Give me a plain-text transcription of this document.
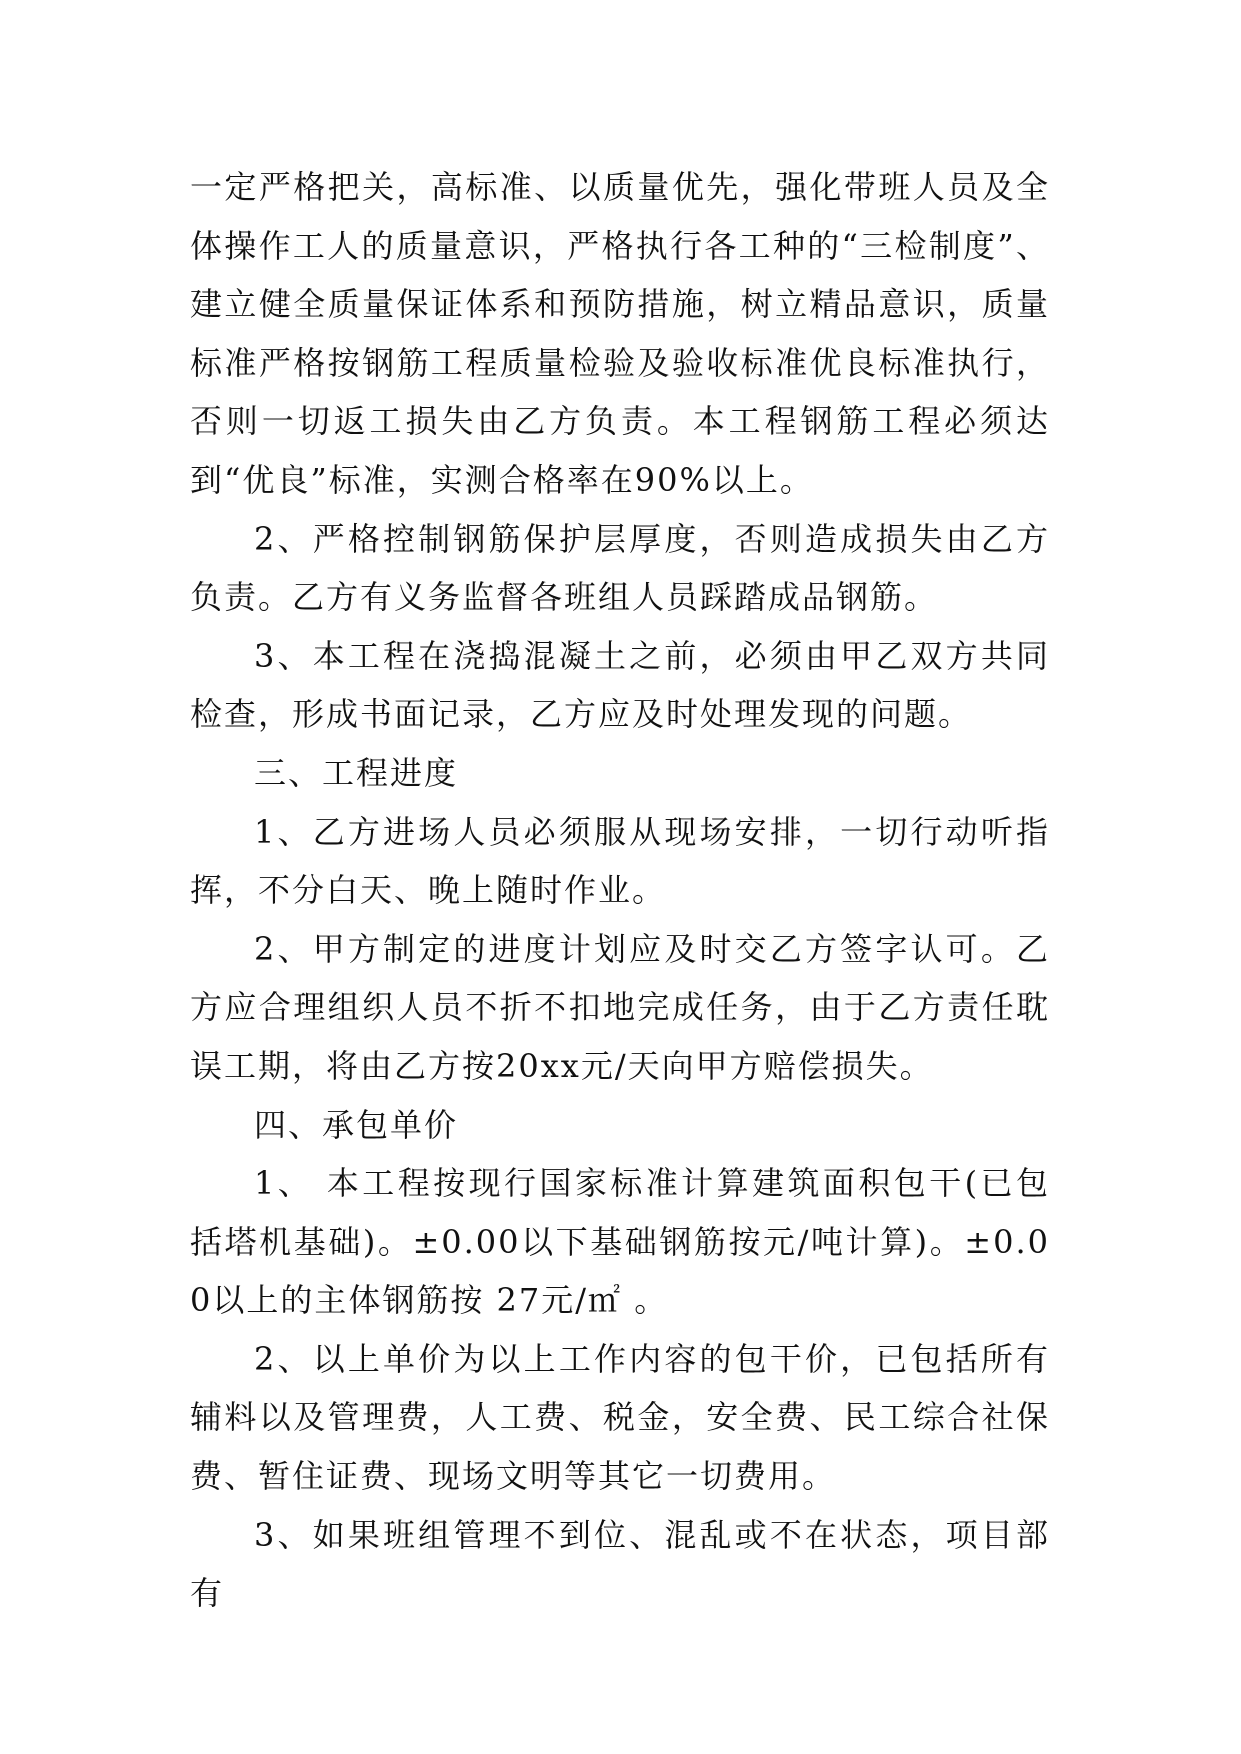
一定严格把关，高标准、以质量优先，强化带班人员及全体操作工人的质量意识，严格执行各工种的“三检制度”、建立健全质量保证体系和预防措施，树立精品意识，质量标准严格按钢筋工程质量检验及验收标准优良标准执行，否则一切返工损失由乙方负责。本工程钢筋工程必须达到“优良”标准，实测合格率在90%以上。

2、严格控制钢筋保护层厚度，否则造成损失由乙方负责。乙方有义务监督各班组人员踩踏成品钢筋。

3、本工程在浇捣混凝土之前，必须由甲乙双方共同检查，形成书面记录，乙方应及时处理发现的问题。

三、工程进度

1、乙方进场人员必须服从现场安排，一切行动听指挥，不分白天、晚上随时作业。

2、甲方制定的进度计划应及时交乙方签字认可。乙方应合理组织人员不折不扣地完成任务，由于乙方责任耽误工期，将由乙方按20xx元/天向甲方赔偿损失。

四、承包单价

1、 本工程按现行国家标准计算建筑面积包干(已包括塔机基础)。±0.00以下基础钢筋按元/吨计算)。±0.00以上的主体钢筋按 27元/㎡ 。

2、以上单价为以上工作内容的包干价，已包括所有辅料以及管理费，人工费、税金，安全费、民工综合社保费、暂住证费、现场文明等其它一切费用。

3、如果班组管理不到位、混乱或不在状态，项目部有
